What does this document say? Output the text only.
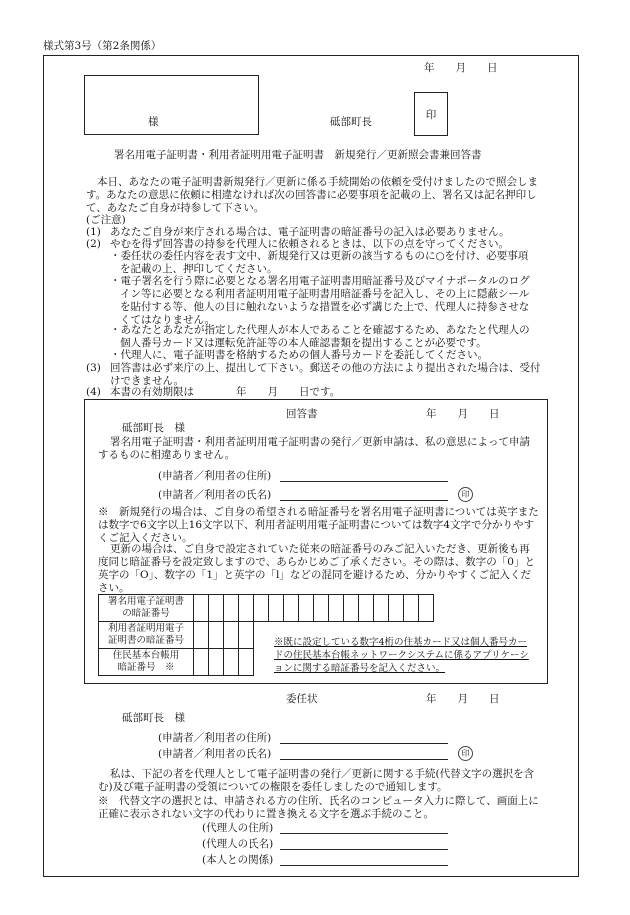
様式第3号（第2条関係）
年　　月　　日
様	砥部町長
印
署名用電子証明書・利用者証明用電子証明書　新規発行／更新照会書兼回答書

本日、あなたの電子証明書新規発行／更新に係る手続開始の依頼を受付けましたので照会します。あなたの意思に依頼に相違なければ次の回答書に必要事項を記載の上、署名又は記名押印して、あなたご自身が持参して下さい。

(ご注意)

(1) あなたご自身が来庁される場合は、電子証明書の暗証番号の記入は必要ありません。

(2) やむを得ず回答書の持参を代理人に依頼されるときは、以下の点を守ってください。

・委任状の委任内容を表す文中、新規発行又は更新の該当するものに○を付け、必要事項を記載の上、押印してください。

・電子署名を行う際に必要となる署名用電子証明書用暗証番号及びマイナポータルのログイン等に必要となる利用者証明用電子証明書用暗証番号を記入し、その上に隠蔽シールを貼付する等、他人の目に触れないような措置を必ず講じた上で、代理人に持参させなくてはなりません。

・あなたとあなたが指定した代理人が本人であることを確認するため、あなたと代理人の個人番号カード又は運転免許証等の本人確認書類を提出することが必要です。

・代理人に、電子証明書を格納するための個人番号カードを委託してください。

(3) 回答書は必ず来庁の上、提出して下さい。郵送その他の方法により提出された場合は、受付けできません。

(4) 本書の有効期限は　　　　年　　月　　日です。

回答書	年　　月　　日
砥部町長　様

署名用電子証明書・利用者証明用電子証明書の発行／更新申請は、私の意思によって申請するものに相違ありません。

(申請者／利用者の住所)
(申請者／利用者の氏名)	印

※　新規発行の場合は、ご自身の希望される暗証番号を署名用電子証明書については英字または数字で6文字以上16文字以下、利用者証明用電子証明書については数字4文字で分かりやすくご記入ください。

更新の場合は、ご自身で設定されていた従来の暗証番号のみご記入いただき、更新後も再度同じ暗証番号を設定致しますので、あらかじめご了承ください。その際は、数字の「0」と英字の「O」、数字の「1」と英字の「l」などの混同を避けるため、分かりやすくご記入ください。

署名用電子証明書
の暗証番号																
利用者証明用電子
証明書の暗証番号																
住民基本台帳用
暗証番号　※																

※既に設定している数字4桁の住基カード又は個人番号カードの住民基本台帳ネットワークシステムに係るアプリケーションに関する暗証番号を記入ください。

委任状	年　　月　　日
砥部町長　様
(申請者／利用者の住所)
(申請者／利用者の氏名)	印

私は、下記の者を代理人として電子証明書の発行／更新に関する手続(代替文字の選択を含む)及び電子証明書の受領についての権限を委任しましたので通知します。

※　代替文字の選択とは、申請される方の住所、氏名のコンピュータ入力に際して、画面上に正確に表示されない文字の代わりに置き換える文字を選ぶ手続のこと。

(代理人の住所)
(代理人の氏名)
(本人との関係)
